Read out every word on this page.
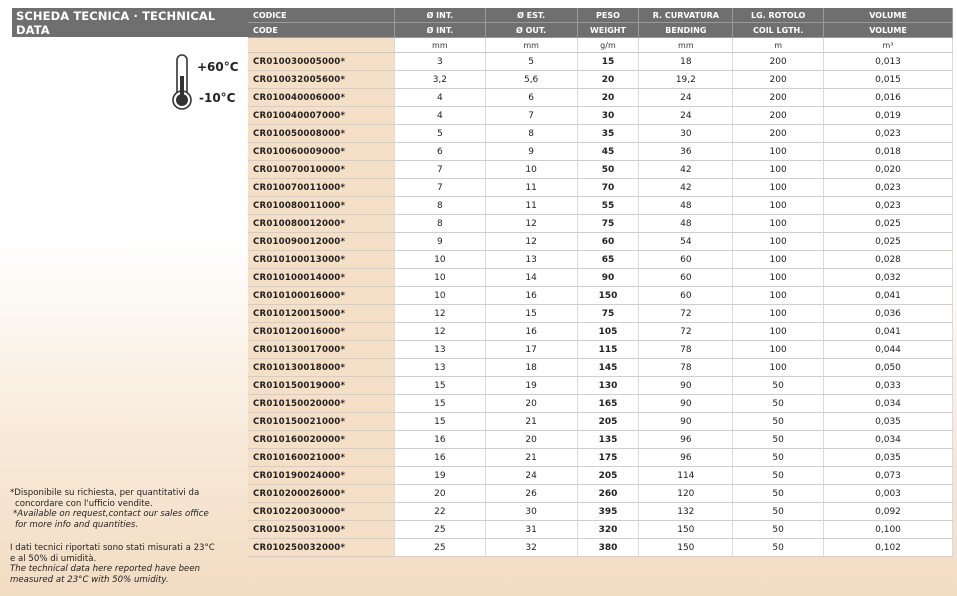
SCHEDA TECNICA · TECHNICAL DATA
+60°C
-10°C
CODICE	Ø INT.	Ø EST.	PESO	R. CURVATURA	LG. ROTOLO	VOLUME
CODE	Ø INT.	Ø OUT.	WEIGHT	BENDING	COIL LGTH.	VOLUME
	mm	mm	g/m	mm	m	m³
CR010030005000*	3	5	15	18	200	0,013
CR010032005600*	3,2	5,6	20	19,2	200	0,015
CR010040006000*	4	6	20	24	200	0,016
CR010040007000*	4	7	30	24	200	0,019
CR010050008000*	5	8	35	30	200	0,023
CR010060009000*	6	9	45	36	100	0,018
CR010070010000*	7	10	50	42	100	0,020
CR010070011000*	7	11	70	42	100	0,023
CR010080011000*	8	11	55	48	100	0,023
CR010080012000*	8	12	75	48	100	0,025
CR010090012000*	9	12	60	54	100	0,025
CR010100013000*	10	13	65	60	100	0,028
CR010100014000*	10	14	90	60	100	0,032
CR010100016000*	10	16	150	60	100	0,041
CR010120015000*	12	15	75	72	100	0,036
CR010120016000*	12	16	105	72	100	0,041
CR010130017000*	13	17	115	78	100	0,044
CR010130018000*	13	18	145	78	100	0,050
CR010150019000*	15	19	130	90	50	0,033
CR010150020000*	15	20	165	90	50	0,034
CR010150021000*	15	21	205	90	50	0,035
CR010160020000*	16	20	135	96	50	0,034
CR010160021000*	16	21	175	96	50	0,035
CR010190024000*	19	24	205	114	50	0,073
CR010200026000*	20	26	260	120	50	0,003
CR010220030000*	22	30	395	132	50	0,092
CR010250031000*	25	31	320	150	50	0,100
CR010250032000*	25	32	380	150	50	0,102

*Disponibile su richiesta, per quantitativi da

concordare con l'ufficio vendite.

*Available on request,contact our sales office

for more info and quantities.

I dati tecnici riportati sono stati misurati a 23°C

e al 50% di umidità.

The technical data here reported have been

measured at 23°C with 50% umidity.
